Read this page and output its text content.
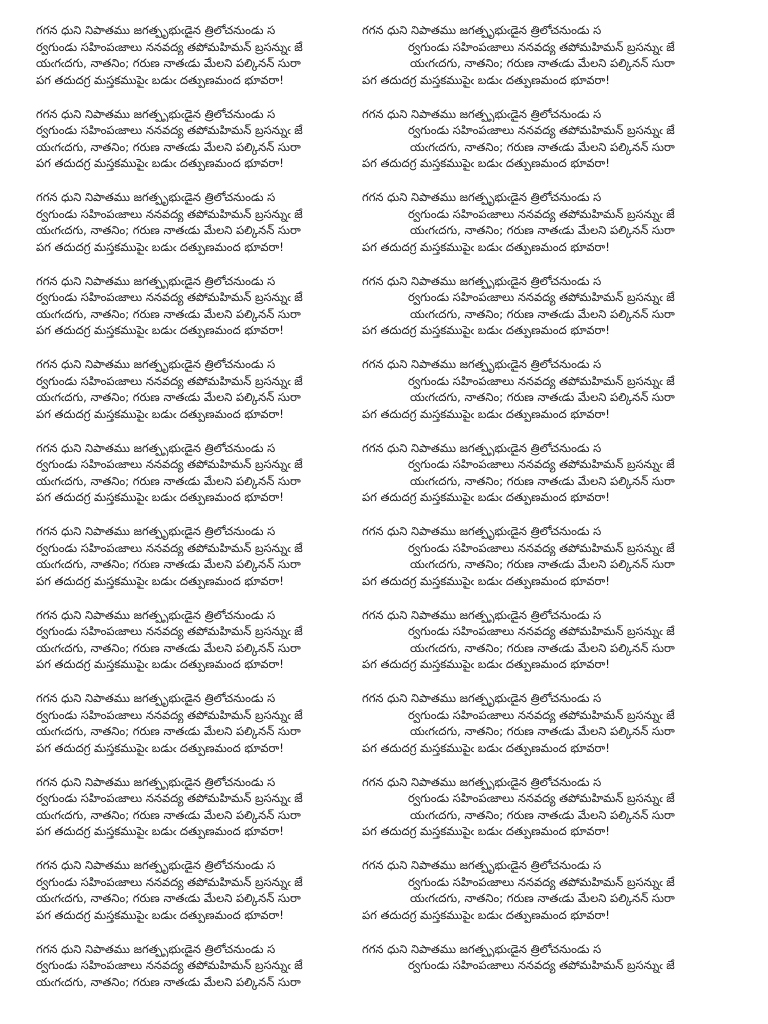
గగన ధుని నిపాతము జగత్పృభుఁడైన త్రిలోచనుండు స
ర్వగుండు సహింపఁజాలు ననవద్య తపోమహిమన్ బ్రసన్నుఁ జే
యఁగఁదగు, నాతనిం; గరుణ నాతఁడు మేలని పల్కినన్ సురా
పగ తదుదగ్ర మస్తకముపైఁ బడుఁ దత్పుణమంద భూవరా!
గగన ధుని నిపాతము జగత్పృభుఁడైన త్రిలోచనుండు స
ర్వగుండు సహింపఁజాలు ననవద్య తపోమహిమన్ బ్రసన్నుఁ జే
యఁగఁదగు, నాతనిం; గరుణ నాతఁడు మేలని పల్కినన్ సురా
పగ తదుదగ్ర మస్తకముపైఁ బడుఁ దత్పుణమంద భూవరా!
గగన ధుని నిపాతము జగత్పృభుఁడైన త్రిలోచనుండు స
ర్వగుండు సహింపఁజాలు ననవద్య తపోమహిమన్ బ్రసన్నుఁ జే
యఁగఁదగు, నాతనిం; గరుణ నాతఁడు మేలని పల్కినన్ సురా
పగ తదుదగ్ర మస్తకముపైఁ బడుఁ దత్పుణమంద భూవరా!
గగన ధుని నిపాతము జగత్పృభుఁడైన త్రిలోచనుండు స
ర్వగుండు సహింపఁజాలు ననవద్య తపోమహిమన్ బ్రసన్నుఁ జే
యఁగఁదగు, నాతనిం; గరుణ నాతఁడు మేలని పల్కినన్ సురా
పగ తదుదగ్ర మస్తకముపైఁ బడుఁ దత్పుణమంద భూవరా!
గగన ధుని నిపాతము జగత్పృభుఁడైన త్రిలోచనుండు స
ర్వగుండు సహింపఁజాలు ననవద్య తపోమహిమన్ బ్రసన్నుఁ జే
యఁగఁదగు, నాతనిం; గరుణ నాతఁడు మేలని పల్కినన్ సురా
పగ తదుదగ్ర మస్తకముపైఁ బడుఁ దత్పుణమంద భూవరా!
గగన ధుని నిపాతము జగత్పృభుఁడైన త్రిలోచనుండు స
ర్వగుండు సహింపఁజాలు ననవద్య తపోమహిమన్ బ్రసన్నుఁ జే
యఁగఁదగు, నాతనిం; గరుణ నాతఁడు మేలని పల్కినన్ సురా
పగ తదుదగ్ర మస్తకముపైఁ బడుఁ దత్పుణమంద భూవరా!
గగన ధుని నిపాతము జగత్పృభుఁడైన త్రిలోచనుండు స
ర్వగుండు సహింపఁజాలు ననవద్య తపోమహిమన్ బ్రసన్నుఁ జే
యఁగఁదగు, నాతనిం; గరుణ నాతఁడు మేలని పల్కినన్ సురా
పగ తదుదగ్ర మస్తకముపైఁ బడుఁ దత్పుణమంద భూవరా!
గగన ధుని నిపాతము జగత్పృభుఁడైన త్రిలోచనుండు స
ర్వగుండు సహింపఁజాలు ననవద్య తపోమహిమన్ బ్రసన్నుఁ జే
యఁగఁదగు, నాతనిం; గరుణ నాతఁడు మేలని పల్కినన్ సురా
పగ తదుదగ్ర మస్తకముపైఁ బడుఁ దత్పుణమంద భూవరా!
గగన ధుని నిపాతము జగత్పృభుఁడైన త్రిలోచనుండు స
ర్వగుండు సహింపఁజాలు ననవద్య తపోమహిమన్ బ్రసన్నుఁ జే
యఁగఁదగు, నాతనిం; గరుణ నాతఁడు మేలని పల్కినన్ సురా
పగ తదుదగ్ర మస్తకముపైఁ బడుఁ దత్పుణమంద భూవరా!
గగన ధుని నిపాతము జగత్పృభుఁడైన త్రిలోచనుండు స
ర్వగుండు సహింపఁజాలు ననవద్య తపోమహిమన్ బ్రసన్నుఁ జే
యఁగఁదగు, నాతనిం; గరుణ నాతఁడు మేలని పల్కినన్ సురా
పగ తదుదగ్ర మస్తకముపైఁ బడుఁ దత్పుణమంద భూవరా!
గగన ధుని నిపాతము జగత్పృభుఁడైన త్రిలోచనుండు స
ర్వగుండు సహింపఁజాలు ననవద్య తపోమహిమన్ బ్రసన్నుఁ జే
యఁగఁదగు, నాతనిం; గరుణ నాతఁడు మేలని పల్కినన్ సురా
పగ తదుదగ్ర మస్తకముపైఁ బడుఁ దత్పుణమంద భూవరా!
గగన ధుని నిపాతము జగత్పృభుఁడైన త్రిలోచనుండు స
ర్వగుండు సహింపఁజాలు ననవద్య తపోమహిమన్ బ్రసన్నుఁ జే
యఁగఁదగు, నాతనిం; గరుణ నాతఁడు మేలని పల్కినన్ సురా
గగన ధుని నిపాతము జగత్పృభుఁడైన త్రిలోచనుండు స
ర్వగుండు సహింపఁజాలు ననవద్య తపోమహిమన్ బ్రసన్నుఁ జే
యఁగఁదగు, నాతనిం; గరుణ నాతఁడు మేలని పల్కినన్ సురా
పగ తదుదగ్ర మస్తకముపైఁ బడుఁ దత్పుణమంద భూవరా!
గగన ధుని నిపాతము జగత్పృభుఁడైన త్రిలోచనుండు స
ర్వగుండు సహింపఁజాలు ననవద్య తపోమహిమన్ బ్రసన్నుఁ జే
యఁగఁదగు, నాతనిం; గరుణ నాతఁడు మేలని పల్కినన్ సురా
పగ తదుదగ్ర మస్తకముపైఁ బడుఁ దత్పుణమంద భూవరా!
గగన ధుని నిపాతము జగత్పృభుఁడైన త్రిలోచనుండు స
ర్వగుండు సహింపఁజాలు ననవద్య తపోమహిమన్ బ్రసన్నుఁ జే
యఁగఁదగు, నాతనిం; గరుణ నాతఁడు మేలని పల్కినన్ సురా
పగ తదుదగ్ర మస్తకముపైఁ బడుఁ దత్పుణమంద భూవరా!
గగన ధుని నిపాతము జగత్పృభుఁడైన త్రిలోచనుండు స
ర్వగుండు సహింపఁజాలు ననవద్య తపోమహిమన్ బ్రసన్నుఁ జే
యఁగఁదగు, నాతనిం; గరుణ నాతఁడు మేలని పల్కినన్ సురా
పగ తదుదగ్ర మస్తకముపైఁ బడుఁ దత్పుణమంద భూవరా!
గగన ధుని నిపాతము జగత్పృభుఁడైన త్రిలోచనుండు స
ర్వగుండు సహింపఁజాలు ననవద్య తపోమహిమన్ బ్రసన్నుఁ జే
యఁగఁదగు, నాతనిం; గరుణ నాతఁడు మేలని పల్కినన్ సురా
పగ తదుదగ్ర మస్తకముపైఁ బడుఁ దత్పుణమంద భూవరా!
గగన ధుని నిపాతము జగత్పృభుఁడైన త్రిలోచనుండు స
ర్వగుండు సహింపఁజాలు ననవద్య తపోమహిమన్ బ్రసన్నుఁ జే
యఁగఁదగు, నాతనిం; గరుణ నాతఁడు మేలని పల్కినన్ సురా
పగ తదుదగ్ర మస్తకముపైఁ బడుఁ దత్పుణమంద భూవరా!
గగన ధుని నిపాతము జగత్పృభుఁడైన త్రిలోచనుండు స
ర్వగుండు సహింపఁజాలు ననవద్య తపోమహిమన్ బ్రసన్నుఁ జే
యఁగఁదగు, నాతనిం; గరుణ నాతఁడు మేలని పల్కినన్ సురా
పగ తదుదగ్ర మస్తకముపైఁ బడుఁ దత్పుణమంద భూవరా!
గగన ధుని నిపాతము జగత్పృభుఁడైన త్రిలోచనుండు స
ర్వగుండు సహింపఁజాలు ననవద్య తపోమహిమన్ బ్రసన్నుఁ జే
యఁగఁదగు, నాతనిం; గరుణ నాతఁడు మేలని పల్కినన్ సురా
పగ తదుదగ్ర మస్తకముపైఁ బడుఁ దత్పుణమంద భూవరా!
గగన ధుని నిపాతము జగత్పృభుఁడైన త్రిలోచనుండు స
ర్వగుండు సహింపఁజాలు ననవద్య తపోమహిమన్ బ్రసన్నుఁ జే
యఁగఁదగు, నాతనిం; గరుణ నాతఁడు మేలని పల్కినన్ సురా
పగ తదుదగ్ర మస్తకముపైఁ బడుఁ దత్పుణమంద భూవరా!
గగన ధుని నిపాతము జగత్పృభుఁడైన త్రిలోచనుండు స
ర్వగుండు సహింపఁజాలు ననవద్య తపోమహిమన్ బ్రసన్నుఁ జే
యఁగఁదగు, నాతనిం; గరుణ నాతఁడు మేలని పల్కినన్ సురా
పగ తదుదగ్ర మస్తకముపైఁ బడుఁ దత్పుణమంద భూవరా!
గగన ధుని నిపాతము జగత్పృభుఁడైన త్రిలోచనుండు స
ర్వగుండు సహింపఁజాలు ననవద్య తపోమహిమన్ బ్రసన్నుఁ జే
యఁగఁదగు, నాతనిం; గరుణ నాతఁడు మేలని పల్కినన్ సురా
పగ తదుదగ్ర మస్తకముపైఁ బడుఁ దత్పుణమంద భూవరా!
గగన ధుని నిపాతము జగత్పృభుఁడైన త్రిలోచనుండు స
ర్వగుండు సహింపఁజాలు ననవద్య తపోమహిమన్ బ్రసన్నుఁ జే
